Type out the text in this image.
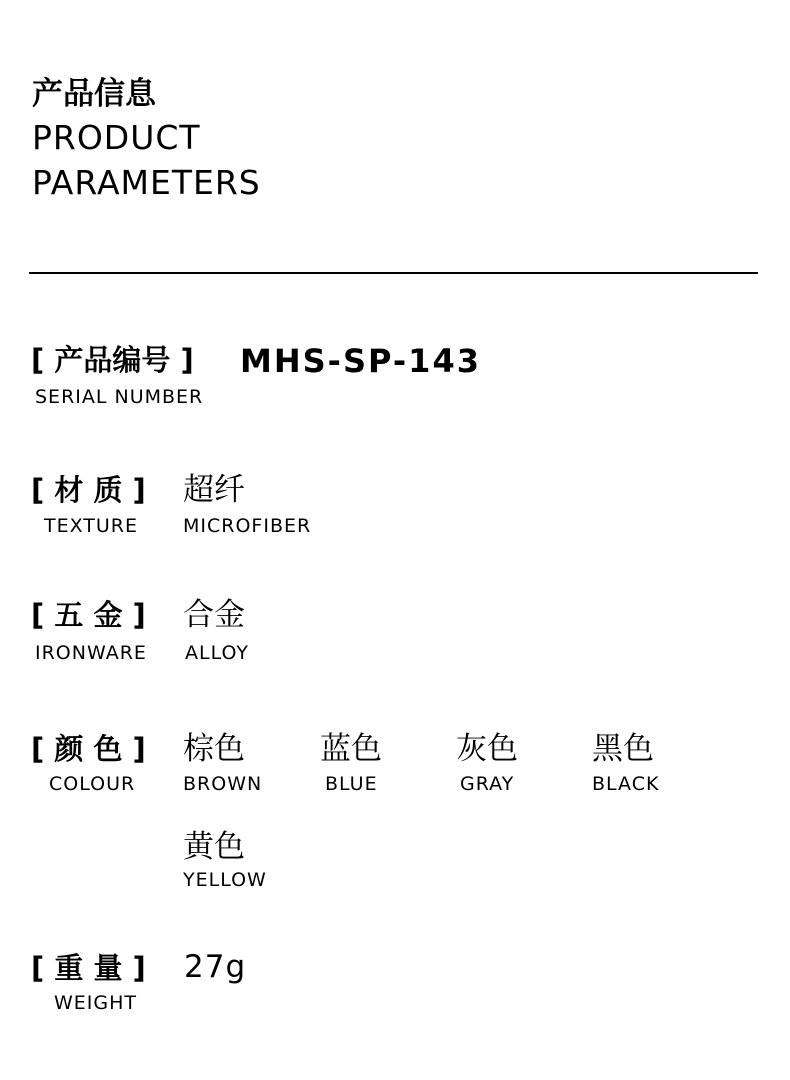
产品信息
PRODUCT
PARAMETERS
[ 产品编号 ] MHS-SP-143
SERIAL NUMBER
[ 材 质 ] 超纤
TEXTURE MICROFIBER
[ 五 金 ] 合金
IRONWARE ALLOY
[ 颜 色 ]
COLOUR
棕色
BROWN
蓝色
BLUE
灰色
GRAY
黑色
BLACK
黄色
YELLOW
[ 重 量 ] 27g
WEIGHT
